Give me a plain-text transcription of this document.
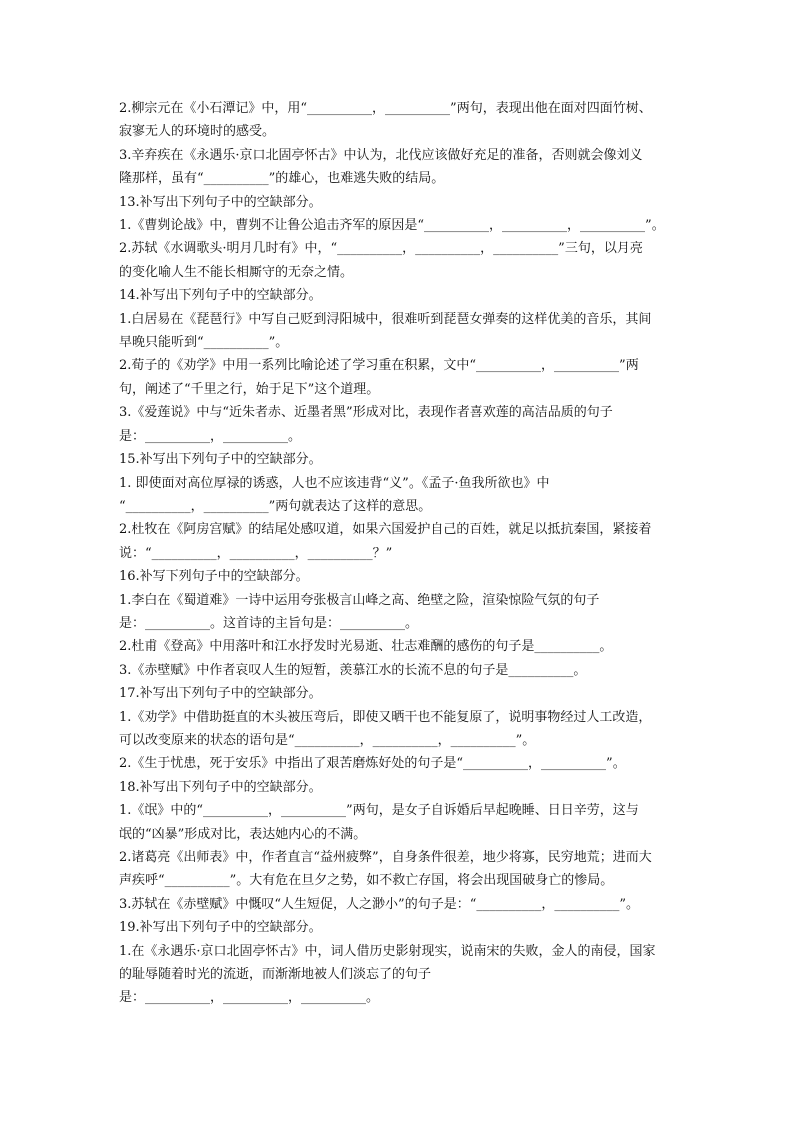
2.柳宗元在《小石潭记》中，用“__________，__________”两句，表现出他在面对四面竹树、
寂寥无人的环境时的感受。
3.辛弃疾在《永遇乐·京口北固亭怀古》中认为，北伐应该做好充足的准备，否则就会像刘义
隆那样，虽有“__________”的雄心，也难逃失败的结局。
13.补写出下列句子中的空缺部分。
1.《曹刿论战》中，曹刿不让鲁公追击齐军的原因是“__________，__________，__________”。
2.苏轼《水调歌头·明月几时有》中，“__________，__________，__________”三句，以月亮
的变化喻人生不能长相厮守的无奈之情。
14.补写出下列句子中的空缺部分。
1.白居易在《琵琶行》中写自己贬到浔阳城中，很难听到琵琶女弹奏的这样优美的音乐，其间
早晚只能听到“__________”。
2.荀子的《劝学》中用一系列比喻论述了学习重在积累，文中“__________，__________”两
句，阐述了“千里之行，始于足下”这个道理。
3.《爱莲说》中与“近朱者赤、近墨者黑”形成对比，表现作者喜欢莲的高洁品质的句子
是：__________，__________。
15.补写出下列句子中的空缺部分。
1. 即使面对高位厚禄的诱惑，人也不应该违背“义”。《孟子·鱼我所欲也》中
“__________，__________”两句就表达了这样的意思。
2.杜牧在《阿房宫赋》的结尾处感叹道，如果六国爱护自己的百姓，就足以抵抗秦国，紧接着
说：“__________，__________，__________？”
16.补写下列句子中的空缺部分。
1.李白在《蜀道难》一诗中运用夸张极言山峰之高、绝壁之险，渲染惊险气氛的句子
是：__________。这首诗的主旨句是：__________。
2.杜甫《登高》中用落叶和江水抒发时光易逝、壮志难酬的感伤的句子是__________。
3.《赤壁赋》中作者哀叹人生的短暂，羡慕江水的长流不息的句子是__________。
17.补写出下列句子中的空缺部分。
1.《劝学》中借助挺直的木头被压弯后，即使又晒干也不能复原了，说明事物经过人工改造，
可以改变原来的状态的语句是“__________，__________，__________”。
2.《生于忧患，死于安乐》中指出了艰苦磨炼好处的句子是“__________，__________”。
18.补写出下列句子中的空缺部分。
1.《氓》中的“__________，__________”两句，是女子自诉婚后早起晚睡、日日辛劳，这与
氓的“凶暴”形成对比，表达她内心的不满。
2.诸葛亮《出师表》中，作者直言“益州疲弊”，自身条件很差，地少将寡，民穷地荒；进而大
声疾呼“__________”。大有危在旦夕之势，如不救亡存国，将会出现国破身亡的惨局。
3.苏轼在《赤壁赋》中慨叹“人生短促，人之渺小”的句子是：“__________，__________”。
19.补写出下列句子中的空缺部分。
1.在《永遇乐·京口北固亭怀古》中，词人借历史影射现实，说南宋的失败，金人的南侵，国家
的耻辱随着时光的流逝，而渐渐地被人们淡忘了的句子
是：__________，__________，__________。
